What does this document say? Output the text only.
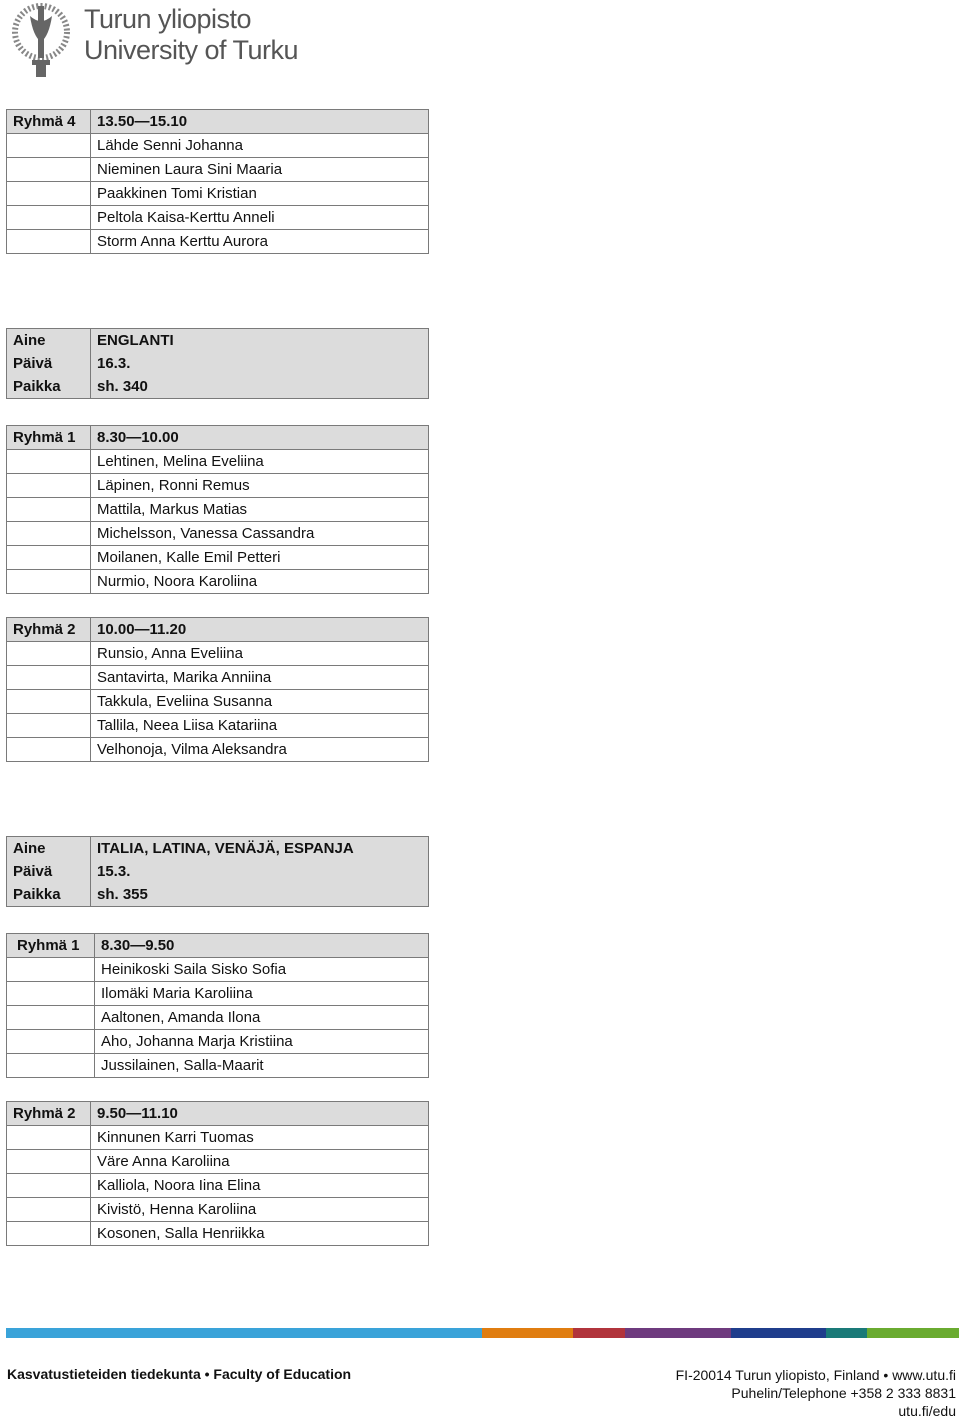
Turun yliopisto
University of Turku
Ryhmä 4	13.50—15.10
	Lähde Senni Johanna
	Nieminen Laura Sini Maaria
	Paakkinen Tomi Kristian
	Peltola Kaisa-Kerttu Anneli
	Storm Anna Kerttu Aurora
Aine	ENGLANTI
Päivä	16.3.
Paikka	sh. 340
Ryhmä 1	8.30—10.00
	Lehtinen, Melina Eveliina
	Läpinen, Ronni Remus
	Mattila, Markus Matias
	Michelsson, Vanessa Cassandra
	Moilanen, Kalle Emil Petteri
	Nurmio, Noora Karoliina
Ryhmä 2	10.00—11.20
	Runsio, Anna Eveliina
	Santavirta, Marika Anniina
	Takkula, Eveliina Susanna
	Tallila, Neea Liisa Katariina
	Velhonoja, Vilma Aleksandra
Aine	ITALIA, LATINA, VENÄJÄ, ESPANJA
Päivä	15.3.
Paikka	sh. 355
Ryhmä 1	8.30—9.50
	Heinikoski Saila Sisko Sofia
	Ilomäki Maria Karoliina
	Aaltonen, Amanda Ilona
	Aho, Johanna Marja Kristiina
	Jussilainen, Salla-Maarit
Ryhmä 2	9.50—11.10
	Kinnunen Karri Tuomas
	Väre Anna Karoliina
	Kalliola, Noora Iina Elina
	Kivistö, Henna Karoliina
	Kosonen, Salla Henriikka
Kasvatustieteiden tiedekunta • Faculty of Education	FI-20014 Turun yliopisto, Finland • www.utu.fi
Puhelin/Telephone +358 2 333 8831
utu.fi/edu
